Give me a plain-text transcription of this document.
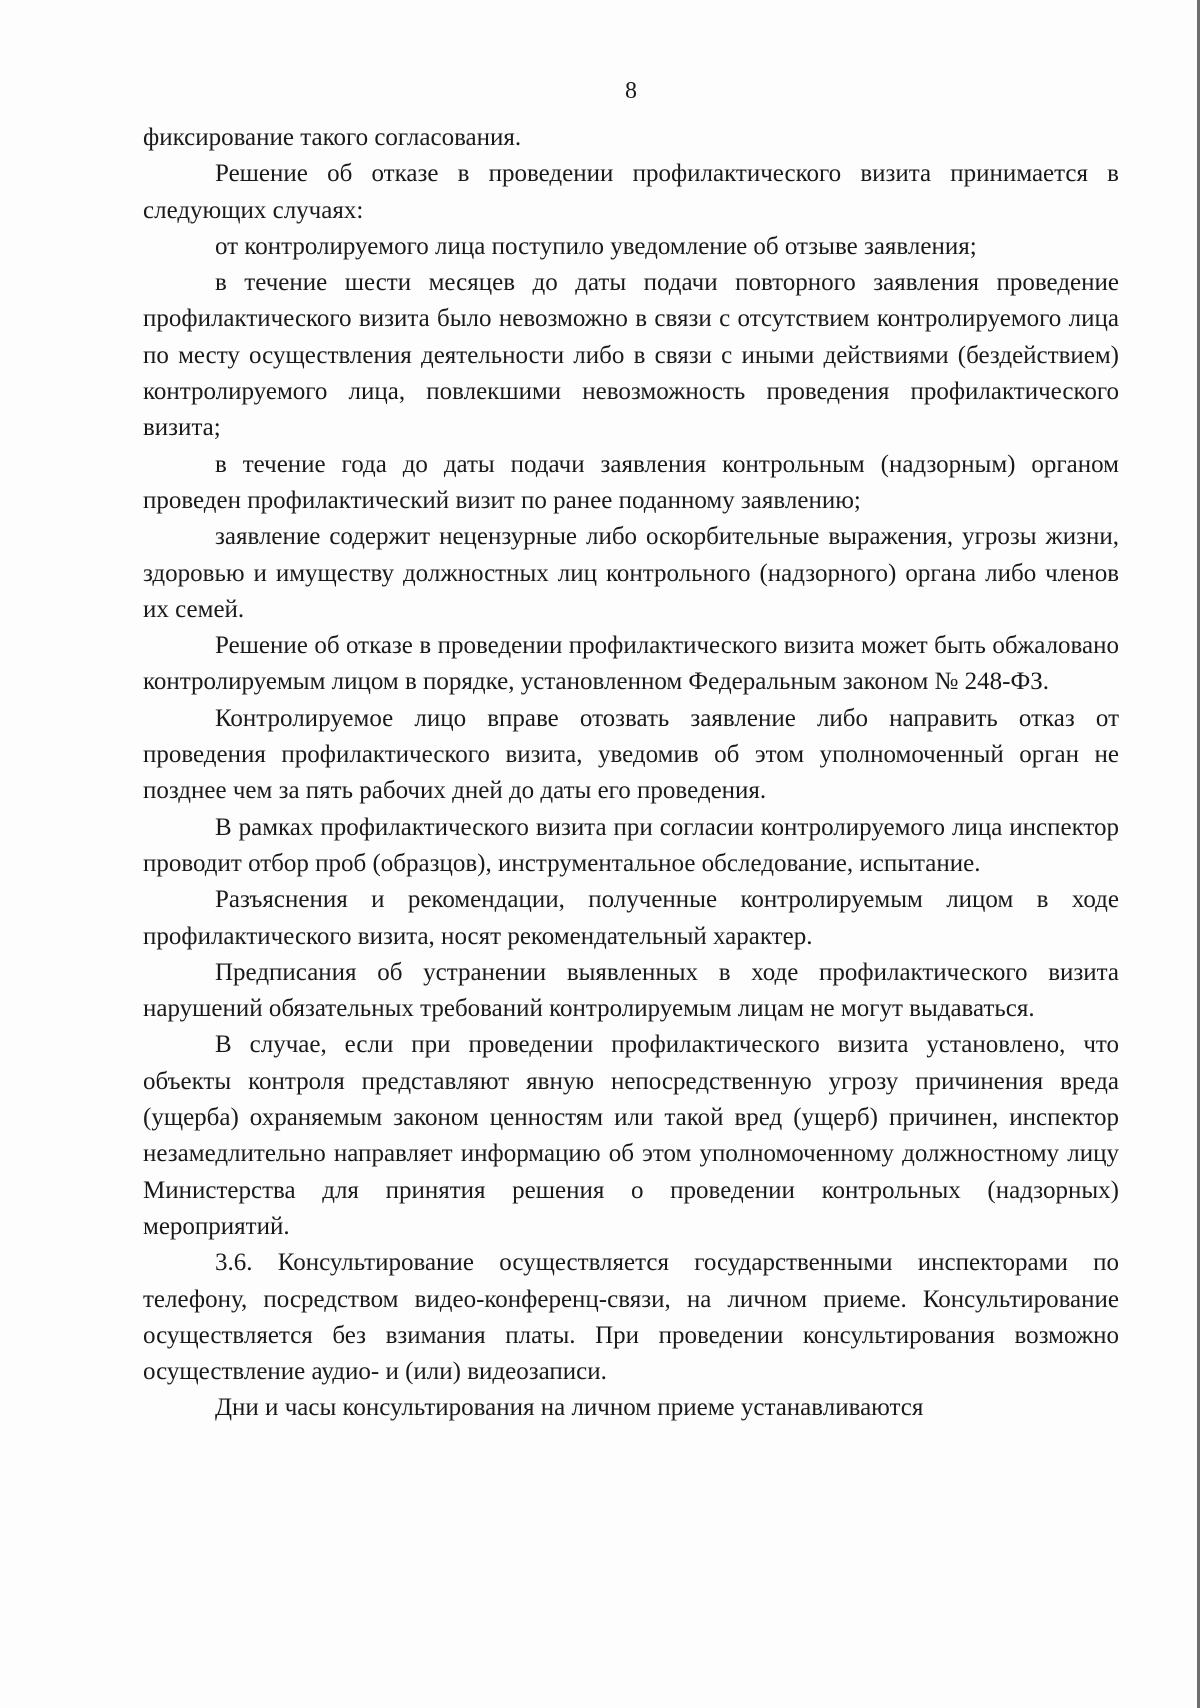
8

фиксирование такого согласования.

Решение об отказе в проведении профилактического визита принимается в следующих случаях:

от контролируемого лица поступило уведомление об отзыве заявления;

в течение шести месяцев до даты подачи повторного заявления проведение профилактического визита было невозможно в связи с отсутствием контролируемого лица по месту осуществления деятельности либо в связи с иными действиями (бездействием) контролируемого лица, повлекшими невозможность проведения профилактического визита;

в течение года до даты подачи заявления контрольным (надзорным) органом проведен профилактический визит по ранее поданному заявлению;

заявление содержит нецензурные либо оскорбительные выражения, угрозы жизни, здоровью и имуществу должностных лиц контрольного (надзорного) органа либо членов их семей.

Решение об отказе в проведении профилактического визита может быть обжаловано контролируемым лицом в порядке, установленном Федеральным законом № 248-ФЗ.

Контролируемое лицо вправе отозвать заявление либо направить отказ от проведения профилактического визита, уведомив об этом уполномоченный орган не позднее чем за пять рабочих дней до даты его проведения.

В рамках профилактического визита при согласии контролируемого лица инспектор проводит отбор проб (образцов), инструментальное обследование, испытание.

Разъяснения и рекомендации, полученные контролируемым лицом в ходе профилактического визита, носят рекомендательный характер.

Предписания об устранении выявленных в ходе профилактического визита нарушений обязательных требований контролируемым лицам не могут выдаваться.

В случае, если при проведении профилактического визита установлено, что объекты контроля представляют явную непосредственную угрозу причинения вреда (ущерба) охраняемым законом ценностям или такой вред (ущерб) причинен, инспектор незамедлительно направляет информацию об этом уполномоченному должностному лицу Министерства для принятия решения о проведении контрольных (надзорных) мероприятий.

3.6. Консультирование осуществляется государственными инспекторами по телефону, посредством видео-конференц-связи, на личном приеме. Консультирование осуществляется без взимания платы. При проведении консультирования возможно осуществление аудио- и (или) видеозаписи.

Дни и часы консультирования на личном приеме устанавливаются
